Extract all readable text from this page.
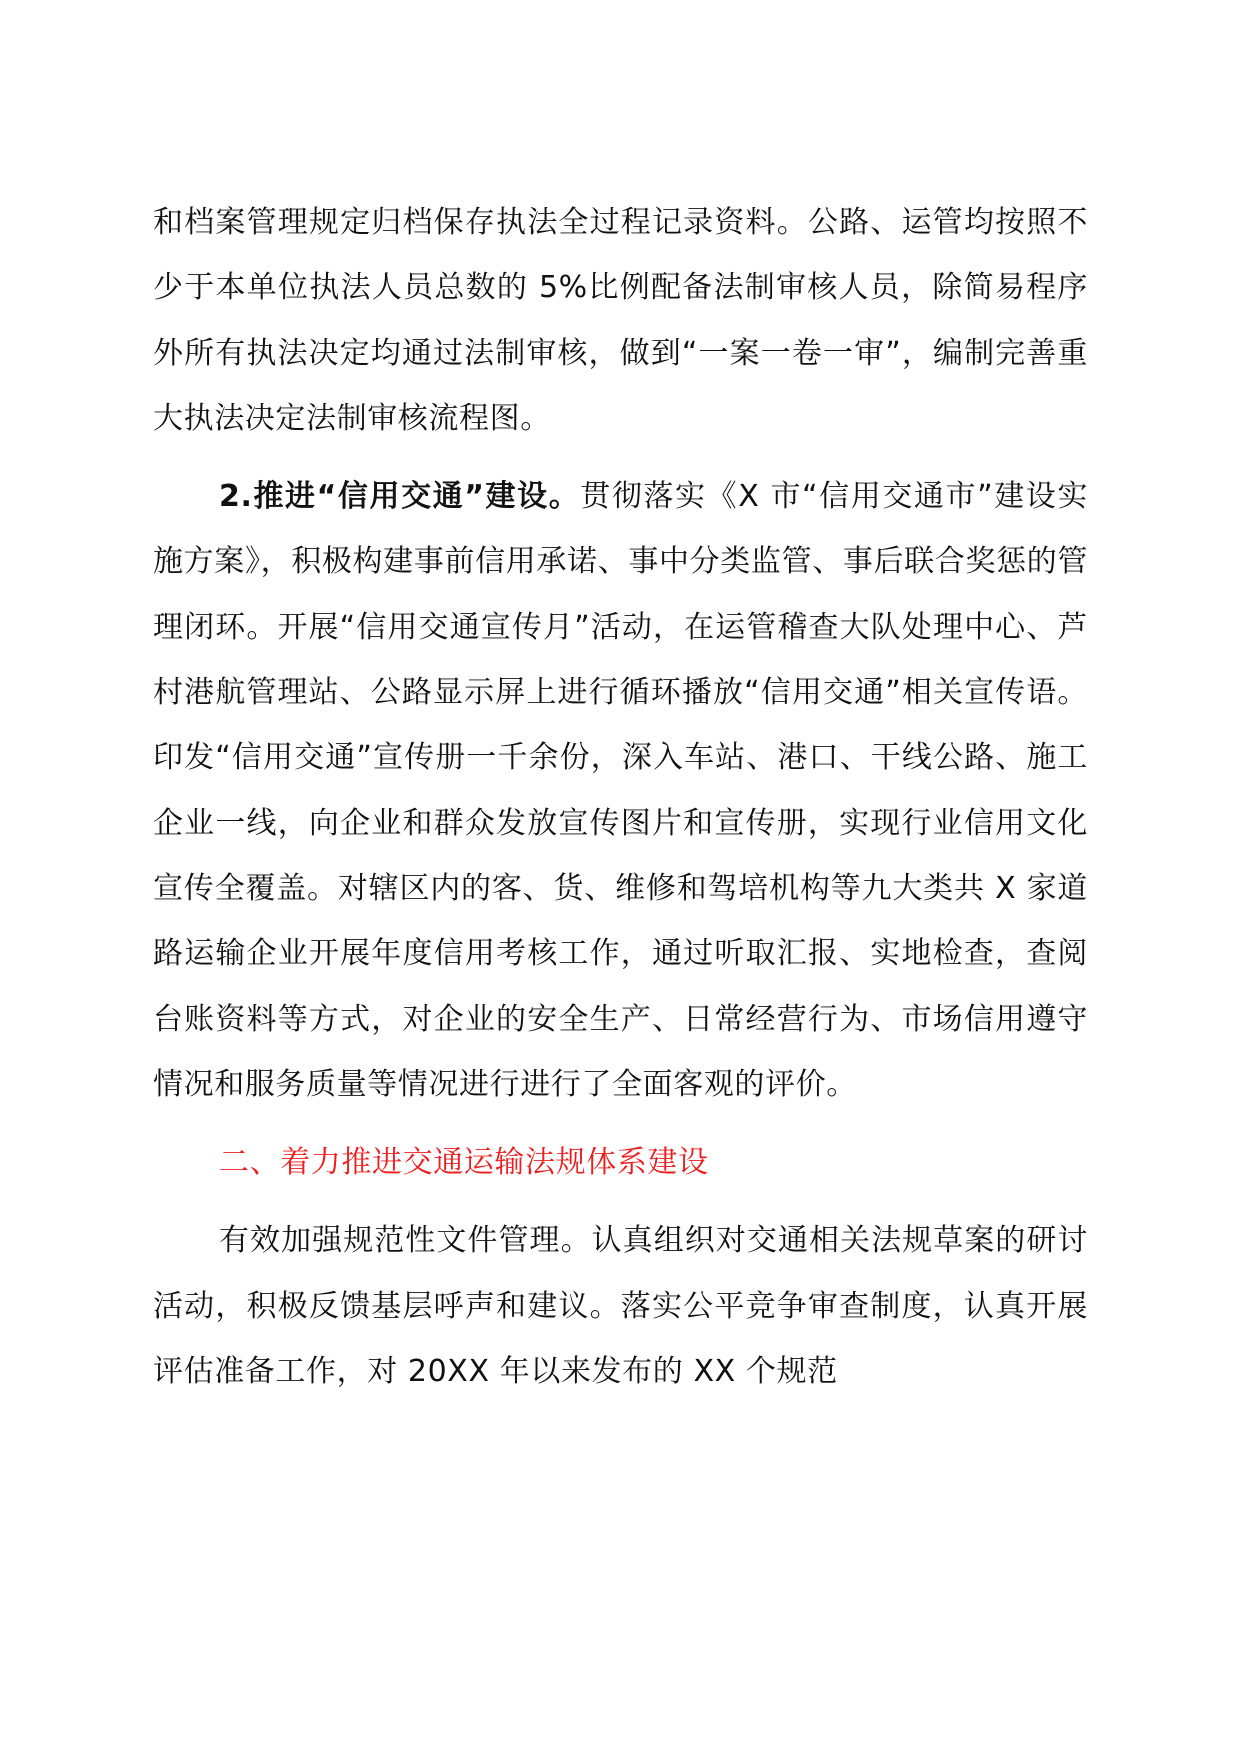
和档案管理规定归档保存执法全过程记录资料。公路、运管均按照不少于本单位执法人员总数的 5%比例配备法制审核人员，除简易程序外所有执法决定均通过法制审核，做到“一案一卷一审”，编制完善重大执法决定法制审核流程图。

2.推进“信用交通”建设。贯彻落实《X 市“信用交通市”建设实施方案》，积极构建事前信用承诺、事中分类监管、事后联合奖惩的管理闭环。开展“信用交通宣传月”活动，在运管稽查大队处理中心、芦村港航管理站、公路显示屏上进行循环播放“信用交通”相关宣传语。印发“信用交通”宣传册一千余份，深入车站、港口、干线公路、施工企业一线，向企业和群众发放宣传图片和宣传册，实现行业信用文化宣传全覆盖。对辖区内的客、货、维修和驾培机构等九大类共 X 家道路运输企业开展年度信用考核工作，通过听取汇报、实地检查，查阅台账资料等方式，对企业的安全生产、日常经营行为、市场信用遵守情况和服务质量等情况进行进行了全面客观的评价。

二、着力推进交通运输法规体系建设

有效加强规范性文件管理。认真组织对交通相关法规草案的研讨活动，积极反馈基层呼声和建议。落实公平竞争审查制度，认真开展评估准备工作，对 20XX 年以来发布的 XX 个规范
